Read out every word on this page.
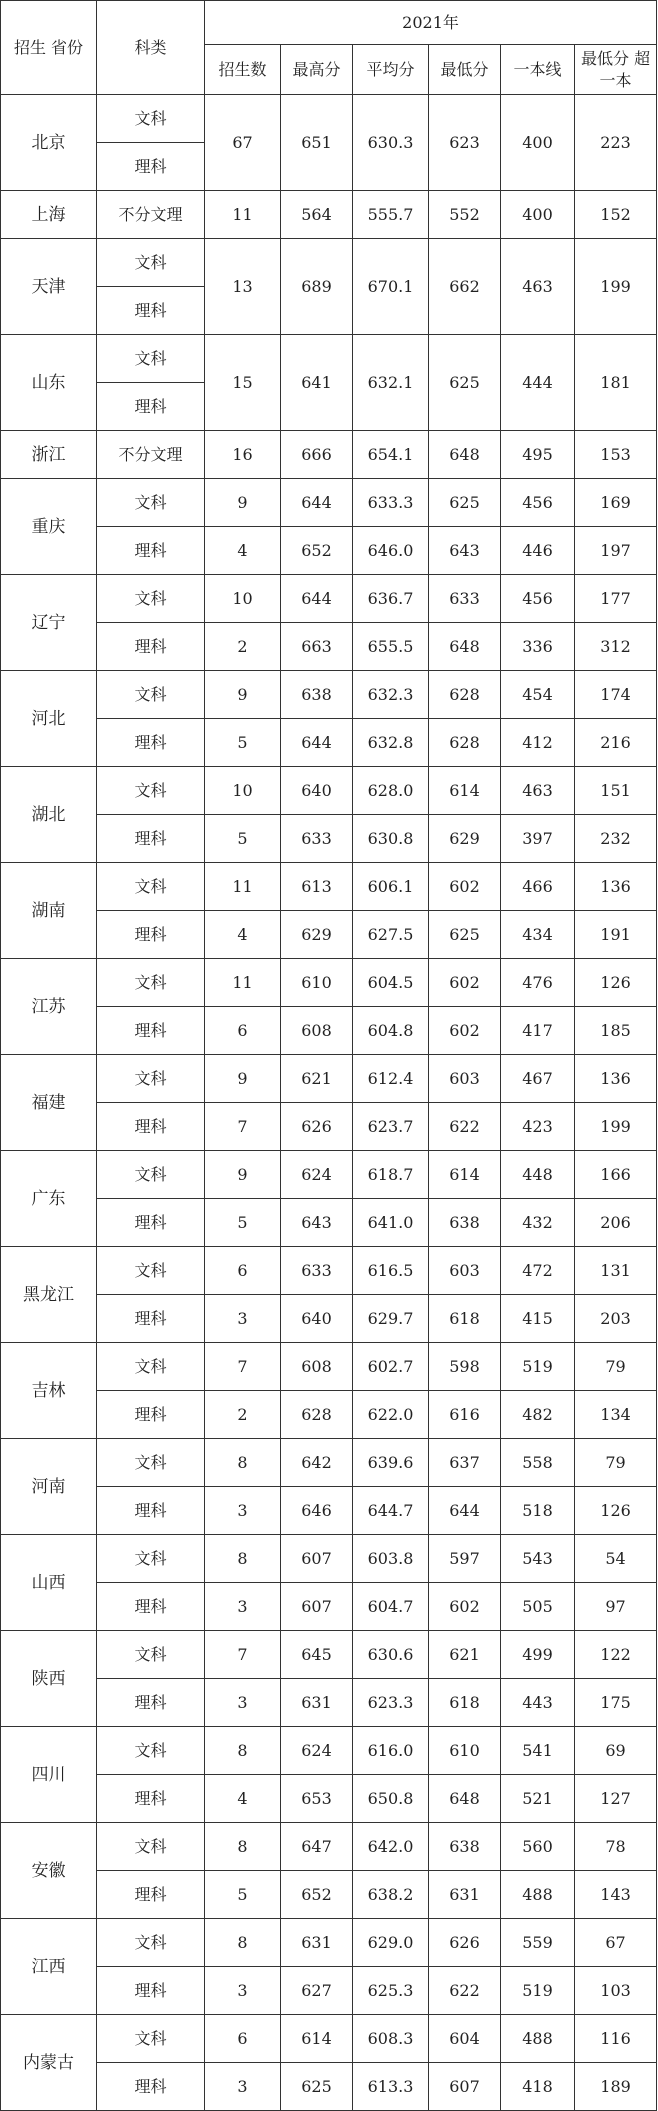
招生 省份	科类	2021年					
		招生数	最高分	平均分	最低分	一本线	最低分 超一本
北京	文科	67	651	630.3	623	400	223
	理科						
上海	不分文理	11	564	555.7	552	400	152
天津	文科	13	689	670.1	662	463	199
	理科						
山东	文科	15	641	632.1	625	444	181
	理科						
浙江	不分文理	16	666	654.1	648	495	153
重庆	文科	9	644	633.3	625	456	169
	理科	4	652	646.0	643	446	197
辽宁	文科	10	644	636.7	633	456	177
	理科	2	663	655.5	648	336	312
河北	文科	9	638	632.3	628	454	174
	理科	5	644	632.8	628	412	216
湖北	文科	10	640	628.0	614	463	151
	理科	5	633	630.8	629	397	232
湖南	文科	11	613	606.1	602	466	136
	理科	4	629	627.5	625	434	191
江苏	文科	11	610	604.5	602	476	126
	理科	6	608	604.8	602	417	185
福建	文科	9	621	612.4	603	467	136
	理科	7	626	623.7	622	423	199
广东	文科	9	624	618.7	614	448	166
	理科	5	643	641.0	638	432	206
黑龙江	文科	6	633	616.5	603	472	131
	理科	3	640	629.7	618	415	203
吉林	文科	7	608	602.7	598	519	79
	理科	2	628	622.0	616	482	134
河南	文科	8	642	639.6	637	558	79
	理科	3	646	644.7	644	518	126
山西	文科	8	607	603.8	597	543	54
	理科	3	607	604.7	602	505	97
陕西	文科	7	645	630.6	621	499	122
	理科	3	631	623.3	618	443	175
四川	文科	8	624	616.0	610	541	69
	理科	4	653	650.8	648	521	127
安徽	文科	8	647	642.0	638	560	78
	理科	5	652	638.2	631	488	143
江西	文科	8	631	629.0	626	559	67
	理科	3	627	625.3	622	519	103
内蒙古	文科	6	614	608.3	604	488	116
	理科	3	625	613.3	607	418	189
